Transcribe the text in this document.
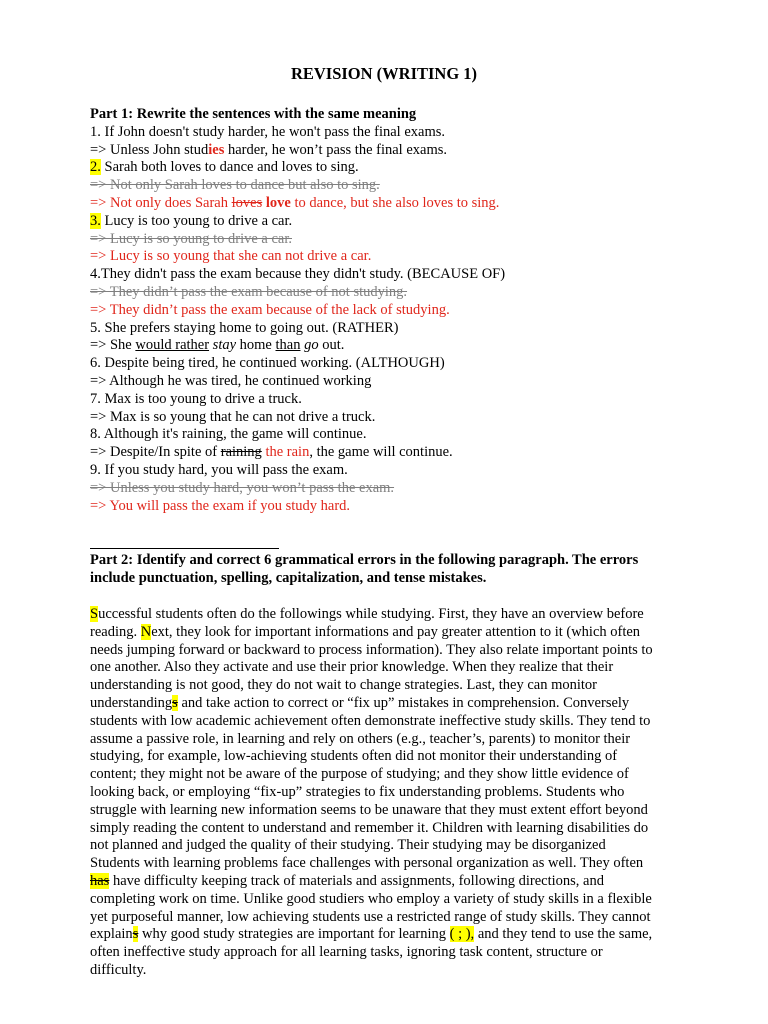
REVISION (WRITING 1)
Part 1: Rewrite the sentences with the same meaning
1. If John doesn't study harder, he won't pass the final exams.
=> Unless John studies harder, he won’t pass the final exams.
2. Sarah both loves to dance and loves to sing.
=> Not only Sarah loves to dance but also to sing.
=> Not only does Sarah loves love to dance, but she also loves to sing.
3. Lucy is too young to drive a car.
=> Lucy is so young to drive a car.
=> Lucy is so young that she can not drive a car.
4.They didn't pass the exam because they didn't study. (BECAUSE OF)
=> They didn’t pass the exam because of not studying.
=> They didn’t pass the exam because of the lack of studying.
5. She prefers staying home to going out. (RATHER)
=> She would rather stay home than go out.
6. Despite being tired, he continued working. (ALTHOUGH)
=> Although he was tired, he continued working
7. Max is too young to drive a truck.
=> Max is so young that he can not drive a truck.
8. Although it's raining, the game will continue.
=> Despite/In spite of raining the rain, the game will continue.
9. If you study hard, you will pass the exam.
=> Unless you study hard, you won’t pass the exam.
=> You will pass the exam if you study hard.
Part 2: Identify and correct 6 grammatical errors in the following paragraph. The errors
include punctuation, spelling, capitalization, and tense mistakes.
Successful students often do the followings while studying. First, they have an overview before
reading. Next, they look for important informations and pay greater attention to it (which often
needs jumping forward or backward to process information). They also relate important points to
one another. Also they activate and use their prior knowledge. When they realize that their
understanding is not good, they do not wait to change strategies. Last, they can monitor
understandings and take action to correct or “fix up” mistakes in comprehension. Conversely
students with low academic achievement often demonstrate ineffective study skills. They tend to
assume a passive role, in learning and rely on others (e.g., teacher’s, parents) to monitor their
studying, for example, low-achieving students often did not monitor their understanding of
content; they might not be aware of the purpose of studying; and they show little evidence of
looking back, or employing “fix-up” strategies to fix understanding problems. Students who
struggle with learning new information seems to be unaware that they must extent effort beyond
simply reading the content to understand and remember it. Children with learning disabilities do
not planned and judged the quality of their studying. Their studying may be disorganized
Students with learning problems face challenges with personal organization as well. They often
has have difficulty keeping track of materials and assignments, following directions, and
completing work on time. Unlike good studiers who employ a variety of study skills in a flexible
yet purposeful manner, low achieving students use a restricted range of study skills. They cannot
explains why good study strategies are important for learning ( ; ), and they tend to use the same,
often ineffective study approach for all learning tasks, ignoring task content, structure or
difficulty.
